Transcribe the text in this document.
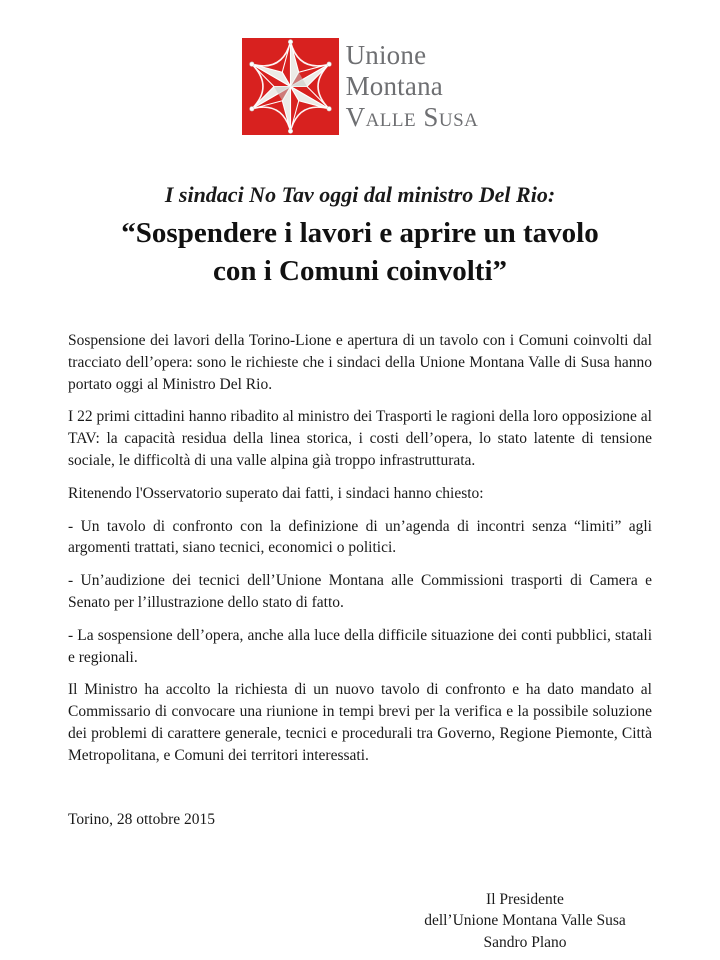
Unione
Montana
Valle Susa
I sindaci No Tav oggi dal ministro Del Rio:
“Sospendere i lavori e aprire un tavolo
con i Comuni coinvolti”

Sospensione dei lavori della Torino-Lione e apertura di un tavolo con i Comuni coinvolti dal tracciato dell’opera: sono le richieste che i sindaci della Unione Montana Valle di Susa hanno portato oggi al Ministro Del Rio.

I 22 primi cittadini hanno ribadito al ministro dei Trasporti le ragioni della loro opposizione al TAV: la capacità residua della linea storica, i costi dell’opera, lo stato latente di tensione sociale, le difficoltà di una valle alpina già troppo infrastrutturata.

Ritenendo l'Osservatorio superato dai fatti, i sindaci hanno chiesto:

- Un tavolo di confronto con la definizione di un’agenda di incontri senza “limiti” agli argomenti trattati, siano tecnici, economici o politici.

- Un’audizione dei tecnici dell’Unione Montana alle Commissioni trasporti di Camera e Senato per l’illustrazione dello stato di fatto.

- La sospensione dell’opera, anche alla luce della difficile situazione dei conti pubblici, statali e regionali.

Il Ministro ha accolto la richiesta di un nuovo tavolo di confronto e ha dato mandato al Commissario di convocare una riunione in tempi brevi per la verifica e la possibile soluzione dei problemi di carattere generale, tecnici e procedurali tra Governo, Regione Piemonte, Città Metropolitana, e Comuni dei territori interessati.

Torino, 28 ottobre 2015
Il Presidente
dell’Unione Montana Valle Susa
Sandro Plano
